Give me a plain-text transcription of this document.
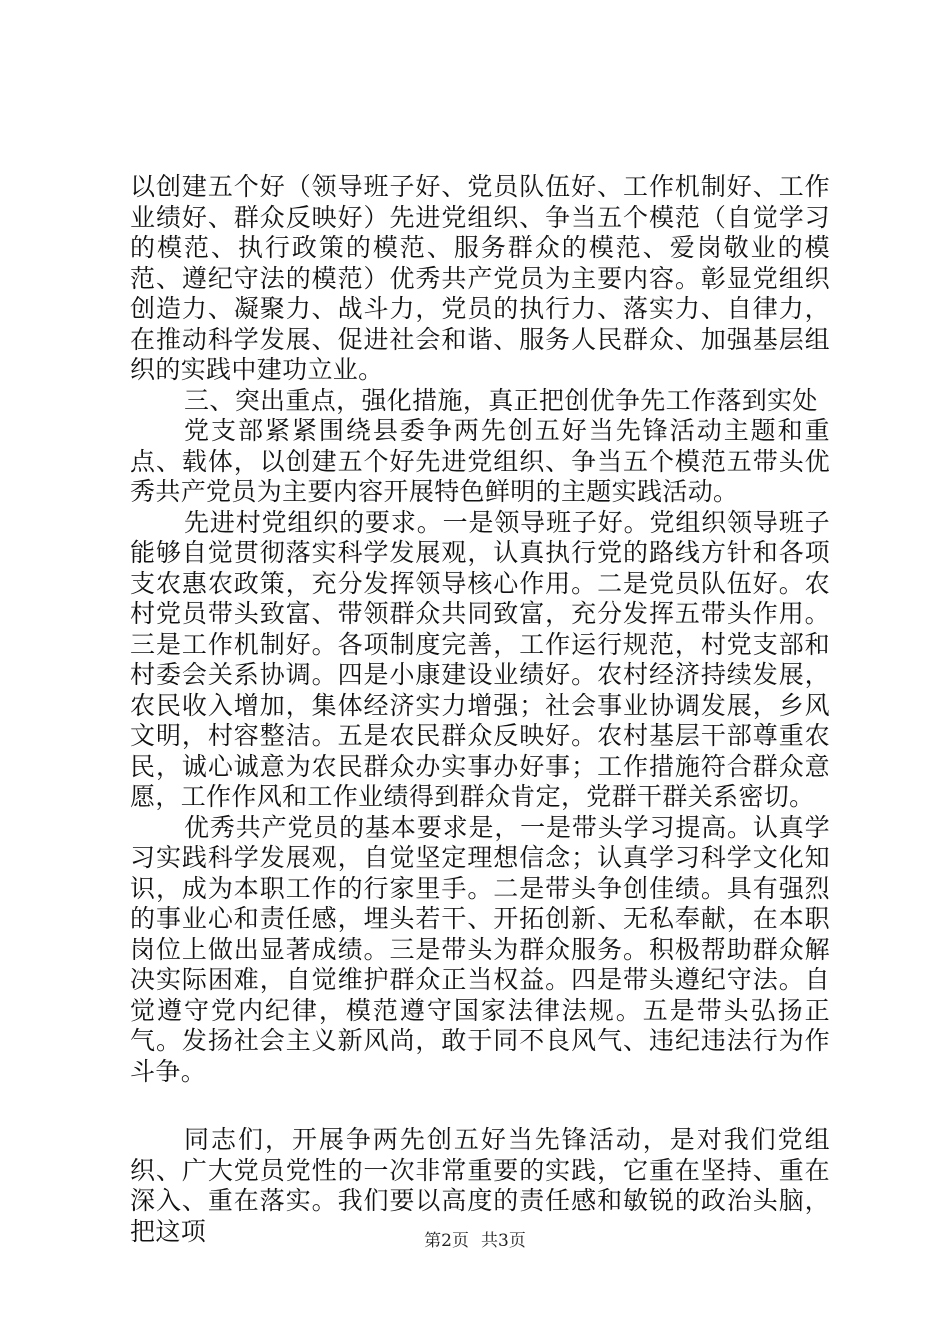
以创建五个好（领导班子好、党员队伍好、工作机制好、工作业绩好、群众反映好）先进党组织、争当五个模范（自觉学习的模范、执行政策的模范、服务群众的模范、爱岗敬业的模范、遵纪守法的模范）优秀共产党员为主要内容。彰显党组织创造力、凝聚力、战斗力，党员的执行力、落实力、自律力，在推动科学发展、促进社会和谐、服务人民群众、加强基层组织的实践中建功立业。

三、突出重点，强化措施，真正把创优争先工作落到实处

党支部紧紧围绕县委争两先创五好当先锋活动主题和重点、载体，以创建五个好先进党组织、争当五个模范五带头优秀共产党员为主要内容开展特色鲜明的主题实践活动。

先进村党组织的要求。一是领导班子好。党组织领导班子能够自觉贯彻落实科学发展观，认真执行党的路线方针和各项支农惠农政策，充分发挥领导核心作用。二是党员队伍好。农村党员带头致富、带领群众共同致富，充分发挥五带头作用。三是工作机制好。各项制度完善，工作运行规范，村党支部和村委会关系协调。四是小康建设业绩好。农村经济持续发展，农民收入增加，集体经济实力增强；社会事业协调发展，乡风文明，村容整洁。五是农民群众反映好。农村基层干部尊重农民，诚心诚意为农民群众办实事办好事；工作措施符合群众意愿，工作作风和工作业绩得到群众肯定，党群干群关系密切。

优秀共产党员的基本要求是，一是带头学习提高。认真学习实践科学发展观，自觉坚定理想信念；认真学习科学文化知识，成为本职工作的行家里手。二是带头争创佳绩。具有强烈的事业心和责任感，埋头若干、开拓创新、无私奉献，在本职岗位上做出显著成绩。三是带头为群众服务。积极帮助群众解决实际困难，自觉维护群众正当权益。四是带头遵纪守法。自觉遵守党内纪律，模范遵守国家法律法规。五是带头弘扬正气。发扬社会主义新风尚，敢于同不良风气、违纪违法行为作斗争。

同志们，开展争两先创五好当先锋活动，是对我们党组织、广大党员党性的一次非常重要的实践，它重在坚持、重在深入、重在落实。我们要以高度的责任感和敏锐的政治头脑，把这项	第2页 共3页
